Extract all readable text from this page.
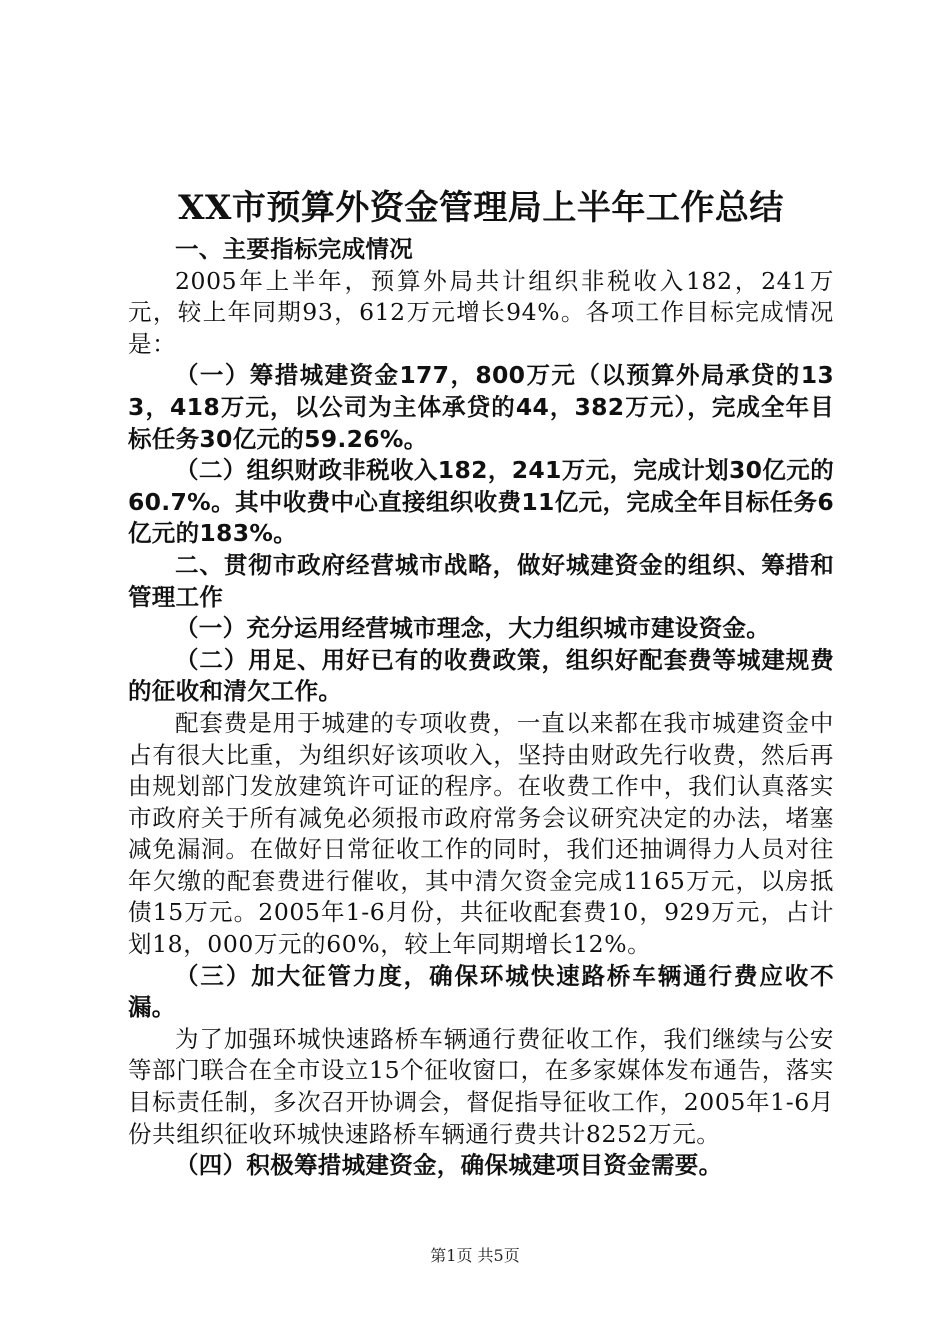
XX市预算外资金管理局上半年工作总结

一、主要指标完成情况

2005年上半年，预算外局共计组织非税收入182，241万元，较上年同期93，612万元增长94%。各项工作目标完成情况是：

（一）筹措城建资金177，800万元（以预算外局承贷的133，418万元，以公司为主体承贷的44，382万元），完成全年目标任务30亿元的59.26%。

（二）组织财政非税收入182，241万元，完成计划30亿元的60.7%。其中收费中心直接组织收费11亿元，完成全年目标任务6亿元的183%。

二、贯彻市政府经营城市战略，做好城建资金的组织、筹措和管理工作

（一）充分运用经营城市理念，大力组织城市建设资金。

（二）用足、用好已有的收费政策，组织好配套费等城建规费的征收和清欠工作。

配套费是用于城建的专项收费，一直以来都在我市城建资金中占有很大比重，为组织好该项收入，坚持由财政先行收费，然后再由规划部门发放建筑许可证的程序。在收费工作中，我们认真落实市政府关于所有减免必须报市政府常务会议研究决定的办法，堵塞减免漏洞。在做好日常征收工作的同时，我们还抽调得力人员对往年欠缴的配套费进行催收，其中清欠资金完成1165万元，以房抵债15万元。2005年1-6月份，共征收配套费10，929万元，占计划18，000万元的60%，较上年同期增长12%。

（三）加大征管力度，确保环城快速路桥车辆通行费应收不漏。

为了加强环城快速路桥车辆通行费征收工作，我们继续与公安等部门联合在全市设立15个征收窗口，在多家媒体发布通告，落实目标责任制，多次召开协调会，督促指导征收工作，2005年1-6月份共组织征收环城快速路桥车辆通行费共计8252万元。

（四）积极筹措城建资金，确保城建项目资金需要。

第1页 共5页
